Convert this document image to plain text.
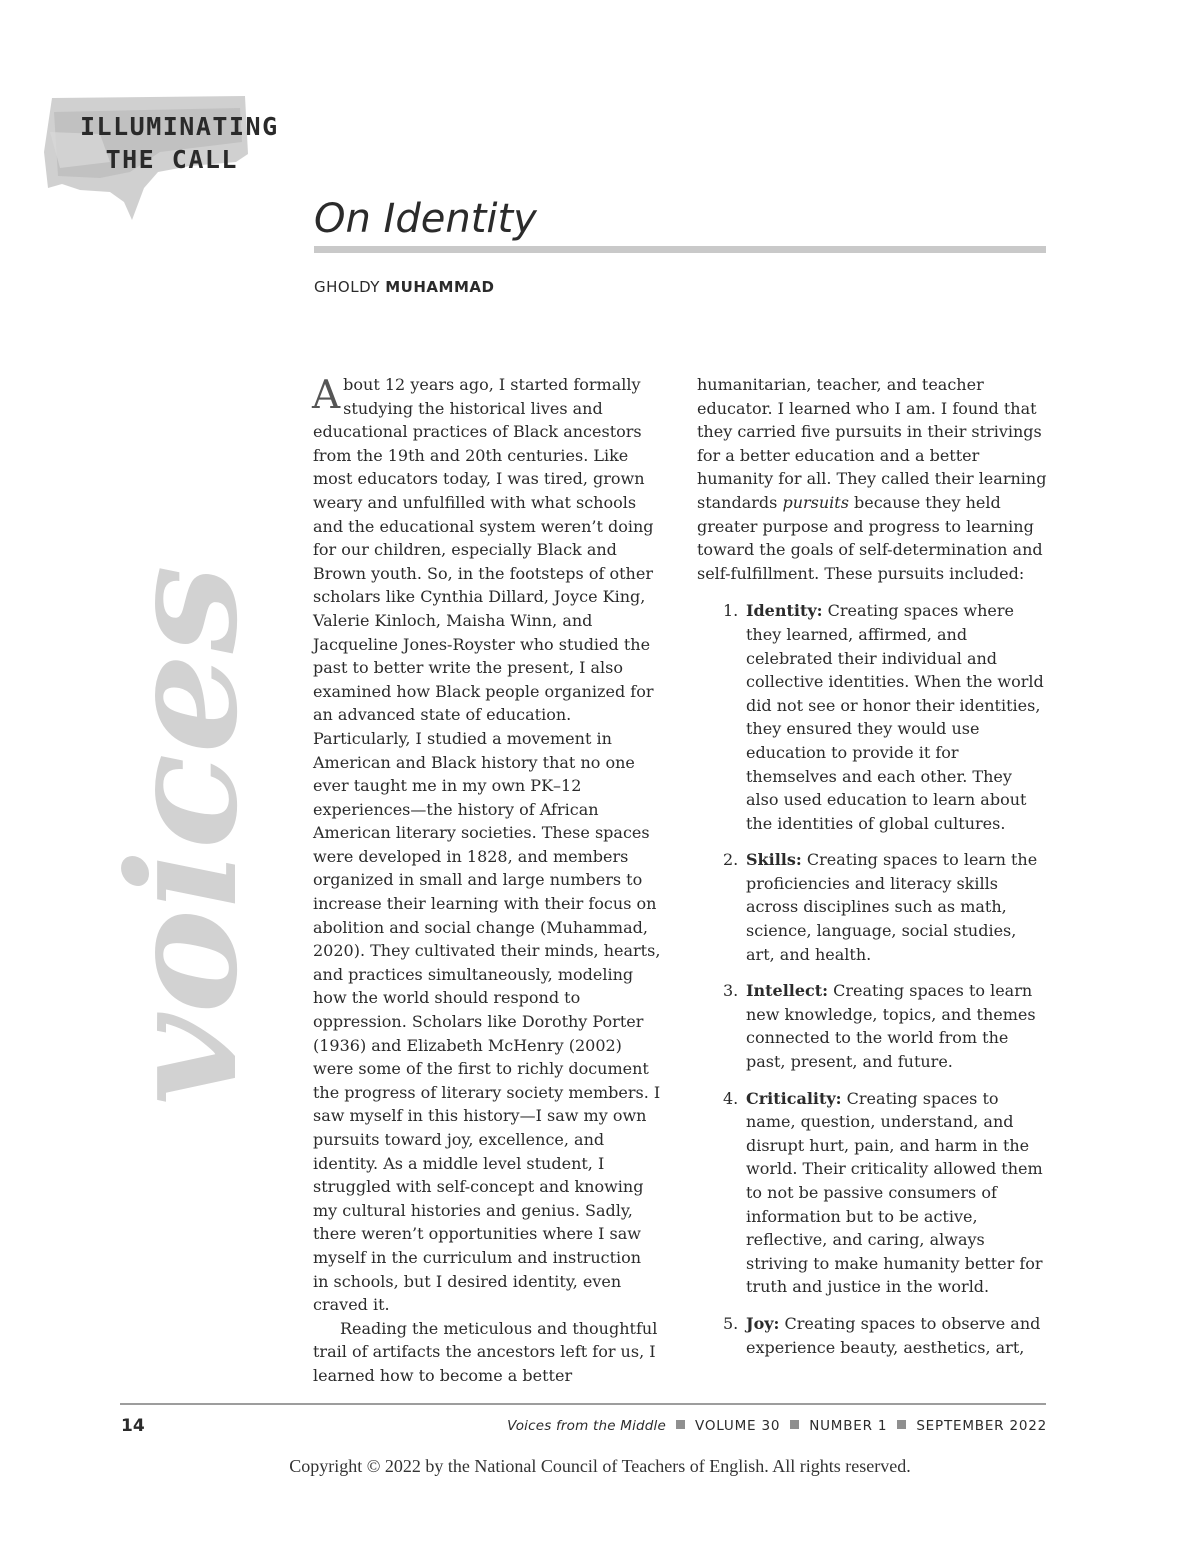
ILLUMINATING
THE CALL
voices
On Identity
GHOLDY MUHAMMAD

About 12 years ago, I started formally studying the historical lives and educational practices of Black ancestors from the 19th and 20th centuries. Like most educators today, I was tired, grown weary and unfulfilled with what schools and the educational system weren’t doing for our children, especially Black and Brown youth. So, in the footsteps of other scholars like Cynthia Dillard, Joyce King, Valerie Kinloch, Maisha Winn, and Jacqueline Jones-Royster who studied the past to better write the present, I also examined how Black people organized for an advanced state of education. Particularly, I studied a movement in American and Black history that no one ever taught me in my own PK–12 experiences—the history of African American literary societies. These spaces were developed in 1828, and members organized in small and large numbers to increase their learning with their focus on abolition and social change (Muhammad, 2020). They cultivated their minds, hearts, and practices simultaneously, modeling how the world should respond to oppression. Scholars like Dorothy Porter (1936) and Elizabeth McHenry (2002) were some of the first to richly document the progress of literary society members. I saw myself in this history—I saw my own pursuits toward joy, excellence, and identity. As a middle level student, I struggled with self-concept and knowing my cultural histories and genius. Sadly, there weren’t opportunities where I saw myself in the curriculum and instruction in schools, but I desired identity, even craved it.

Reading the meticulous and thoughtful trail of artifacts the ancestors left for us, I learned how to become a better

humanitarian, teacher, and teacher educator. I learned who I am. I found that they carried five pursuits in their strivings for a better education and a better humanity for all. They called their learning standards pursuits because they held greater purpose and progress to learning toward the goals of self-determination and self-fulfillment. These pursuits included:

1. Identity: Creating spaces where they learned, affirmed, and celebrated their individual and collective identities. When the world did not see or honor their identities, they ensured they would use education to provide it for themselves and each other. They also used education to learn about the identities of global cultures.
2. Skills: Creating spaces to learn the proficiencies and literacy skills across disciplines such as math, science, language, social studies, art, and health.
3. Intellect: Creating spaces to learn new knowledge, topics, and themes connected to the world from the past, present, and future.
4. Criticality: Creating spaces to name, question, understand, and disrupt hurt, pain, and harm in the world. Their criticality allowed them to not be passive consumers of information but to be active, reflective, and caring, always striving to make humanity better for truth and justice in the world.
5. Joy: Creating spaces to observe and experience beauty, aesthetics, art,
14	Voices from the Middle VOLUME 30 NUMBER 1 SEPTEMBER 2022
Copyright © 2022 by the National Council of Teachers of English. All rights reserved.
